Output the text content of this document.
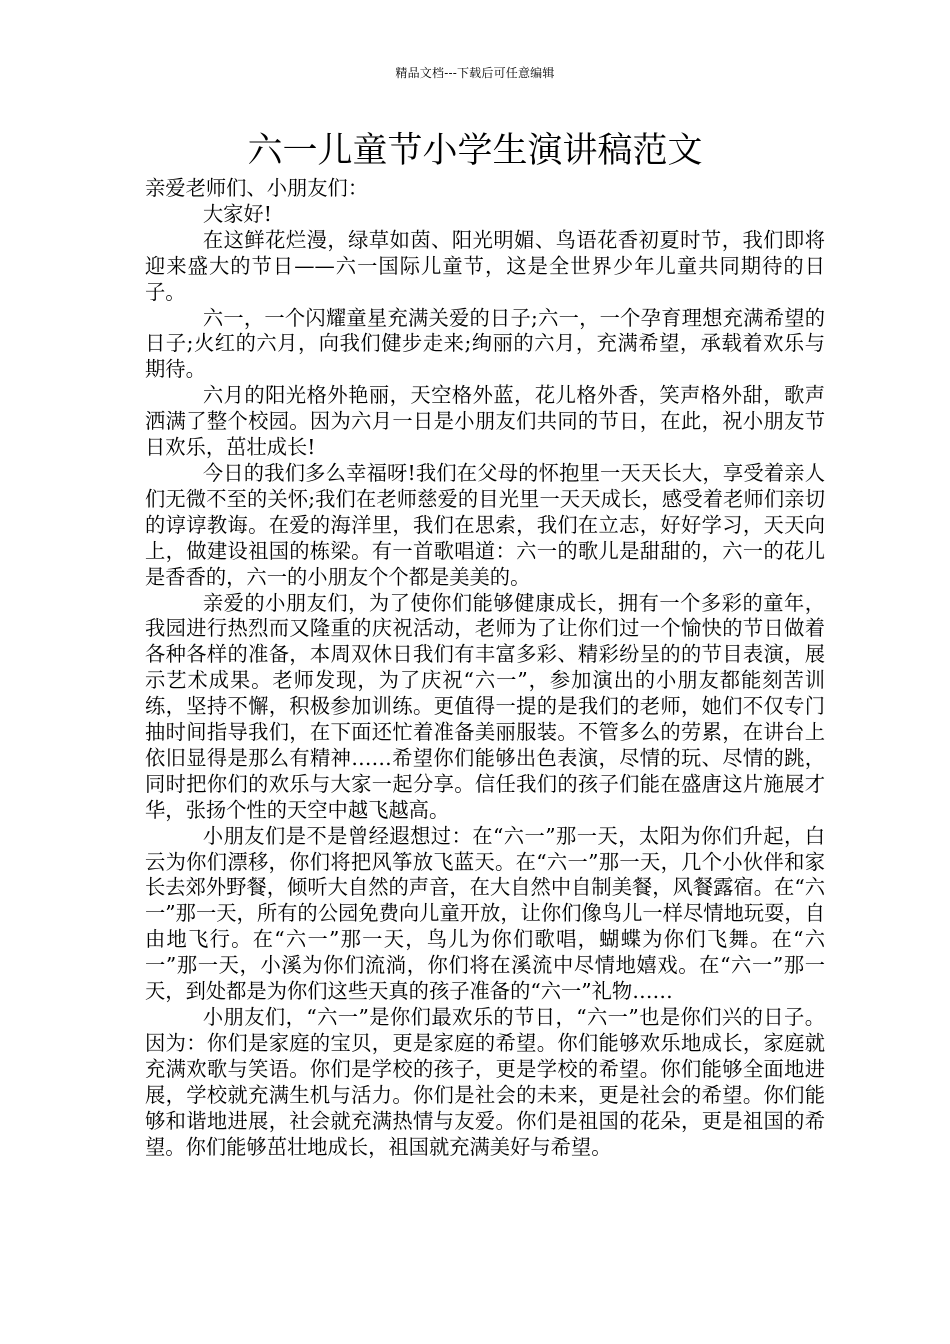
精品文档---下载后可任意编辑
六一儿童节小学生演讲稿范文

亲爱老师们、小朋友们：

大家好!

在这鲜花烂漫，绿草如茵、阳光明媚、鸟语花香初夏时节，我们即将迎来盛大的节日——六一国际儿童节，这是全世界少年儿童共同期待的日子。

六一，一个闪耀童星充满关爱的日子;六一，一个孕育理想充满希望的日子;火红的六月，向我们健步走来;绚丽的六月，充满希望，承载着欢乐与期待。

六月的阳光格外艳丽，天空格外蓝，花儿格外香，笑声格外甜，歌声洒满了整个校园。因为六月一日是小朋友们共同的节日，在此，祝小朋友节日欢乐，茁壮成长!

今日的我们多么幸福呀!我们在父母的怀抱里一天天长大，享受着亲人们无微不至的关怀;我们在老师慈爱的目光里一天天成长，感受着老师们亲切的谆谆教诲。在爱的海洋里，我们在思索，我们在立志，好好学习，天天向上，做建设祖国的栋梁。有一首歌唱道：六一的歌儿是甜甜的，六一的花儿是香香的，六一的小朋友个个都是美美的。

亲爱的小朋友们，为了使你们能够健康成长，拥有一个多彩的童年，我园进行热烈而又隆重的庆祝活动，老师为了让你们过一个愉快的节日做着各种各样的准备，本周双休日我们有丰富多彩、精彩纷呈的的节目表演，展示艺术成果。老师发现，为了庆祝“六一”，参加演出的小朋友都能刻苦训练，坚持不懈，积极参加训练。更值得一提的是我们的老师，她们不仅专门抽时间指导我们，在下面还忙着准备美丽服装。不管多么的劳累，在讲台上依旧显得是那么有精神……希望你们能够出色表演，尽情的玩、尽情的跳，同时把你们的欢乐与大家一起分享。信任我们的孩子们能在盛唐这片施展才华，张扬个性的天空中越飞越高。

小朋友们是不是曾经遐想过：在“六一”那一天，太阳为你们升起，白云为你们漂移，你们将把风筝放飞蓝天。在“六一”那一天，几个小伙伴和家长去郊外野餐，倾听大自然的声音，在大自然中自制美餐，风餐露宿。在“六一”那一天，所有的公园免费向儿童开放，让你们像鸟儿一样尽情地玩耍，自由地飞行。在“六一”那一天，鸟儿为你们歌唱，蝴蝶为你们飞舞。在“六一”那一天，小溪为你们流淌，你们将在溪流中尽情地嬉戏。在“六一”那一天，到处都是为你们这些天真的孩子准备的“六一”礼物……

小朋友们，“六一”是你们最欢乐的节日，“六一”也是你们兴的日子。因为：你们是家庭的宝贝，更是家庭的希望。你们能够欢乐地成长，家庭就充满欢歌与笑语。你们是学校的孩子，更是学校的希望。你们能够全面地进展，学校就充满生机与活力。你们是社会的未来，更是社会的希望。你们能够和谐地进展，社会就充满热情与友爱。你们是祖国的花朵，更是祖国的希望。你们能够茁壮地成长，祖国就充满美好与希望。
